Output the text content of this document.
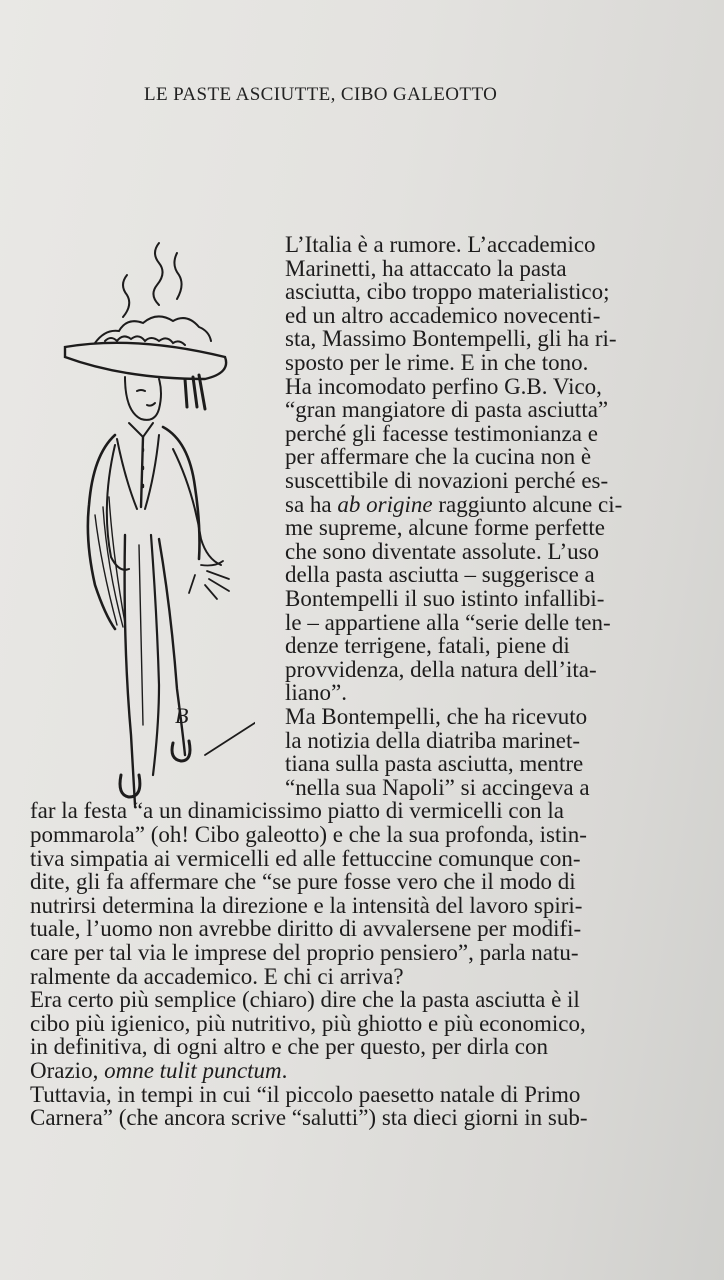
LE PASTE ASCIUTTE, CIBO GALEOTTO
B
L’Italia è a rumore. L’accademico
Marinetti, ha attaccato la pasta
asciutta, cibo troppo materialistico;
ed un altro accademico novecenti-
sta, Massimo Bontempelli, gli ha ri-
sposto per le rime. E in che tono.
Ha incomodato perfino G.B. Vico,
“gran mangiatore di pasta asciutta”
perché gli facesse testimonianza e
per affermare che la cucina non è
suscettibile di novazioni perché es-
sa ha ab origine raggiunto alcune ci-
me supreme, alcune forme perfette
che sono diventate assolute. L’uso
della pasta asciutta – suggerisce a
Bontempelli il suo istinto infallibi-
le – appartiene alla “serie delle ten-
denze terrigene, fatali, piene di
provvidenza, della natura dell’ita-
liano”.
Ma Bontempelli, che ha ricevuto
la notizia della diatriba marinet-
tiana sulla pasta asciutta, mentre
“nella sua Napoli” si accingeva a
far la festa “a un dinamicissimo piatto di vermicelli con la
pommarola” (oh! Cibo galeotto) e che la sua profonda, istin-
tiva simpatia ai vermicelli ed alle fettuccine comunque con-
dite, gli fa affermare che “se pure fosse vero che il modo di
nutrirsi determina la direzione e la intensità del lavoro spiri-
tuale, l’uomo non avrebbe diritto di avvalersene per modifi-
care per tal via le imprese del proprio pensiero”, parla natu-
ralmente da accademico. E chi ci arriva?
Era certo più semplice (chiaro) dire che la pasta asciutta è il
cibo più igienico, più nutritivo, più ghiotto e più economico,
in definitiva, di ogni altro e che per questo, per dirla con
Orazio, omne tulit punctum.
Tuttavia, in tempi in cui “il piccolo paesetto natale di Primo
Carnera” (che ancora scrive “salutti”) sta dieci giorni in sub-
